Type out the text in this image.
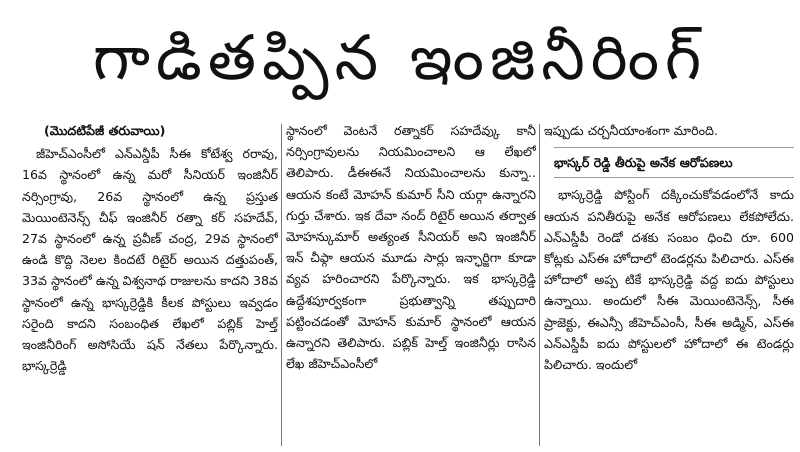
గాడితప్పిన ఇంజినీరింగ్
(మొదటిపేజీ తరువాయి)

జీహెచ్ఎంసీలో ఎన్ఎన్డీపీ సీఈ కోటేశ్వ రరావు, 16వ స్థానంలో ఉన్న మరో సీనియర్ ఇంజినీర్ నర్సింగ్రావు, 26వ స్థానంలో ఉన్న ప్రస్తుత మెయింటెనెన్స్ చీఫ్ ఇంజినీర్ రత్నా కర్ సహదేవ్, 27వ స్థానంలో ఉన్న ప్రవీణ్ చంద్ర, 29వ స్థానంలో ఉండి కొద్ది నెలల కిందటే రిటైర్ అయిన దత్తుపంత్, 33వ స్థానంలో ఉన్న విశ్వనాథ రాజులను కాదని 38వ స్థానంలో ఉన్న భాస్కర్రెడ్డికి కీలక పోస్టులు ఇవ్వడం సరైంది కాదని సంబంధిత లేఖలో పబ్లిక్ హెల్త్ ఇంజినీరింగ్ అసోసియే షన్ నేతలు పేర్కొన్నారు. భాస్కర్రెడ్డి

స్థానంలో వెంటనే రత్నాకర్ సహదేవ్కు కానీ నర్సింగ్రావులను నియమించాలని ఆ లేఖలో తెలిపారు. డీఈఈనే నియమించాలను కున్నా.. ఆయన కంటే మోహన్ కుమార్ సీని యర్గా ఉన్నారని గుర్తు చేశారు. ఇక దేవా నంద్ రిటైర్ అయిన తర్వాత మోహన్కుమార్ అత్యంత సీనియర్ అని ఇంజినీర్ ఇన్ చీఫ్గా ఆయన మూడు సార్లు ఇన్ఛార్జిగా కూడా వ్యవ హరించారని పేర్కొన్నారు. ఇక భాస్కర్రెడ్డి ఉద్దేశపూర్వకంగా ప్రభుత్వాన్ని తప్పుదారి పట్టించడంతో మోహన్ కుమార్ స్థానంలో ఆయన ఉన్నారని తెలిపారు. పబ్లిక్ హెల్త్ ఇంజినీర్లు రాసిన లేఖ జీహెచ్ఎంసీలో

ఇప్పుడు చర్చనీయాంశంగా మారింది.

భాస్కర్ రెడ్డి తీరుపై అనేక ఆరోపణలు

భాస్కర్రెడ్డి పోస్టింగ్ దక్కించుకోవడంలోనే కాదు ఆయన పనితీరుపై అనేక ఆరోపణలు లేకపోలేదు. ఎన్ఎస్డీపీ రెండో దశకు సంబం ధించి రూ. 600 కోట్లకు ఎస్ఈ హోదాలో టెండర్లను పిలిచారు. ఎస్ఈ హోదాలో అప్ప టికే భాస్కర్రెడ్డి వద్ద ఐదు పోస్టులు ఉన్నాయి. అందులో సీఈ మెయింటెనెన్స్, సీఈ ప్రాజెక్టు, ఈఎన్సీ జీహెచ్ఎంసీ, సీఈ అడ్మిన్, ఎస్ఈ ఎన్ఎస్డీపీ ఐదు పోస్టులలో హోదాలో ఈ టెండర్లు పిలిచారు. ఇందులో
